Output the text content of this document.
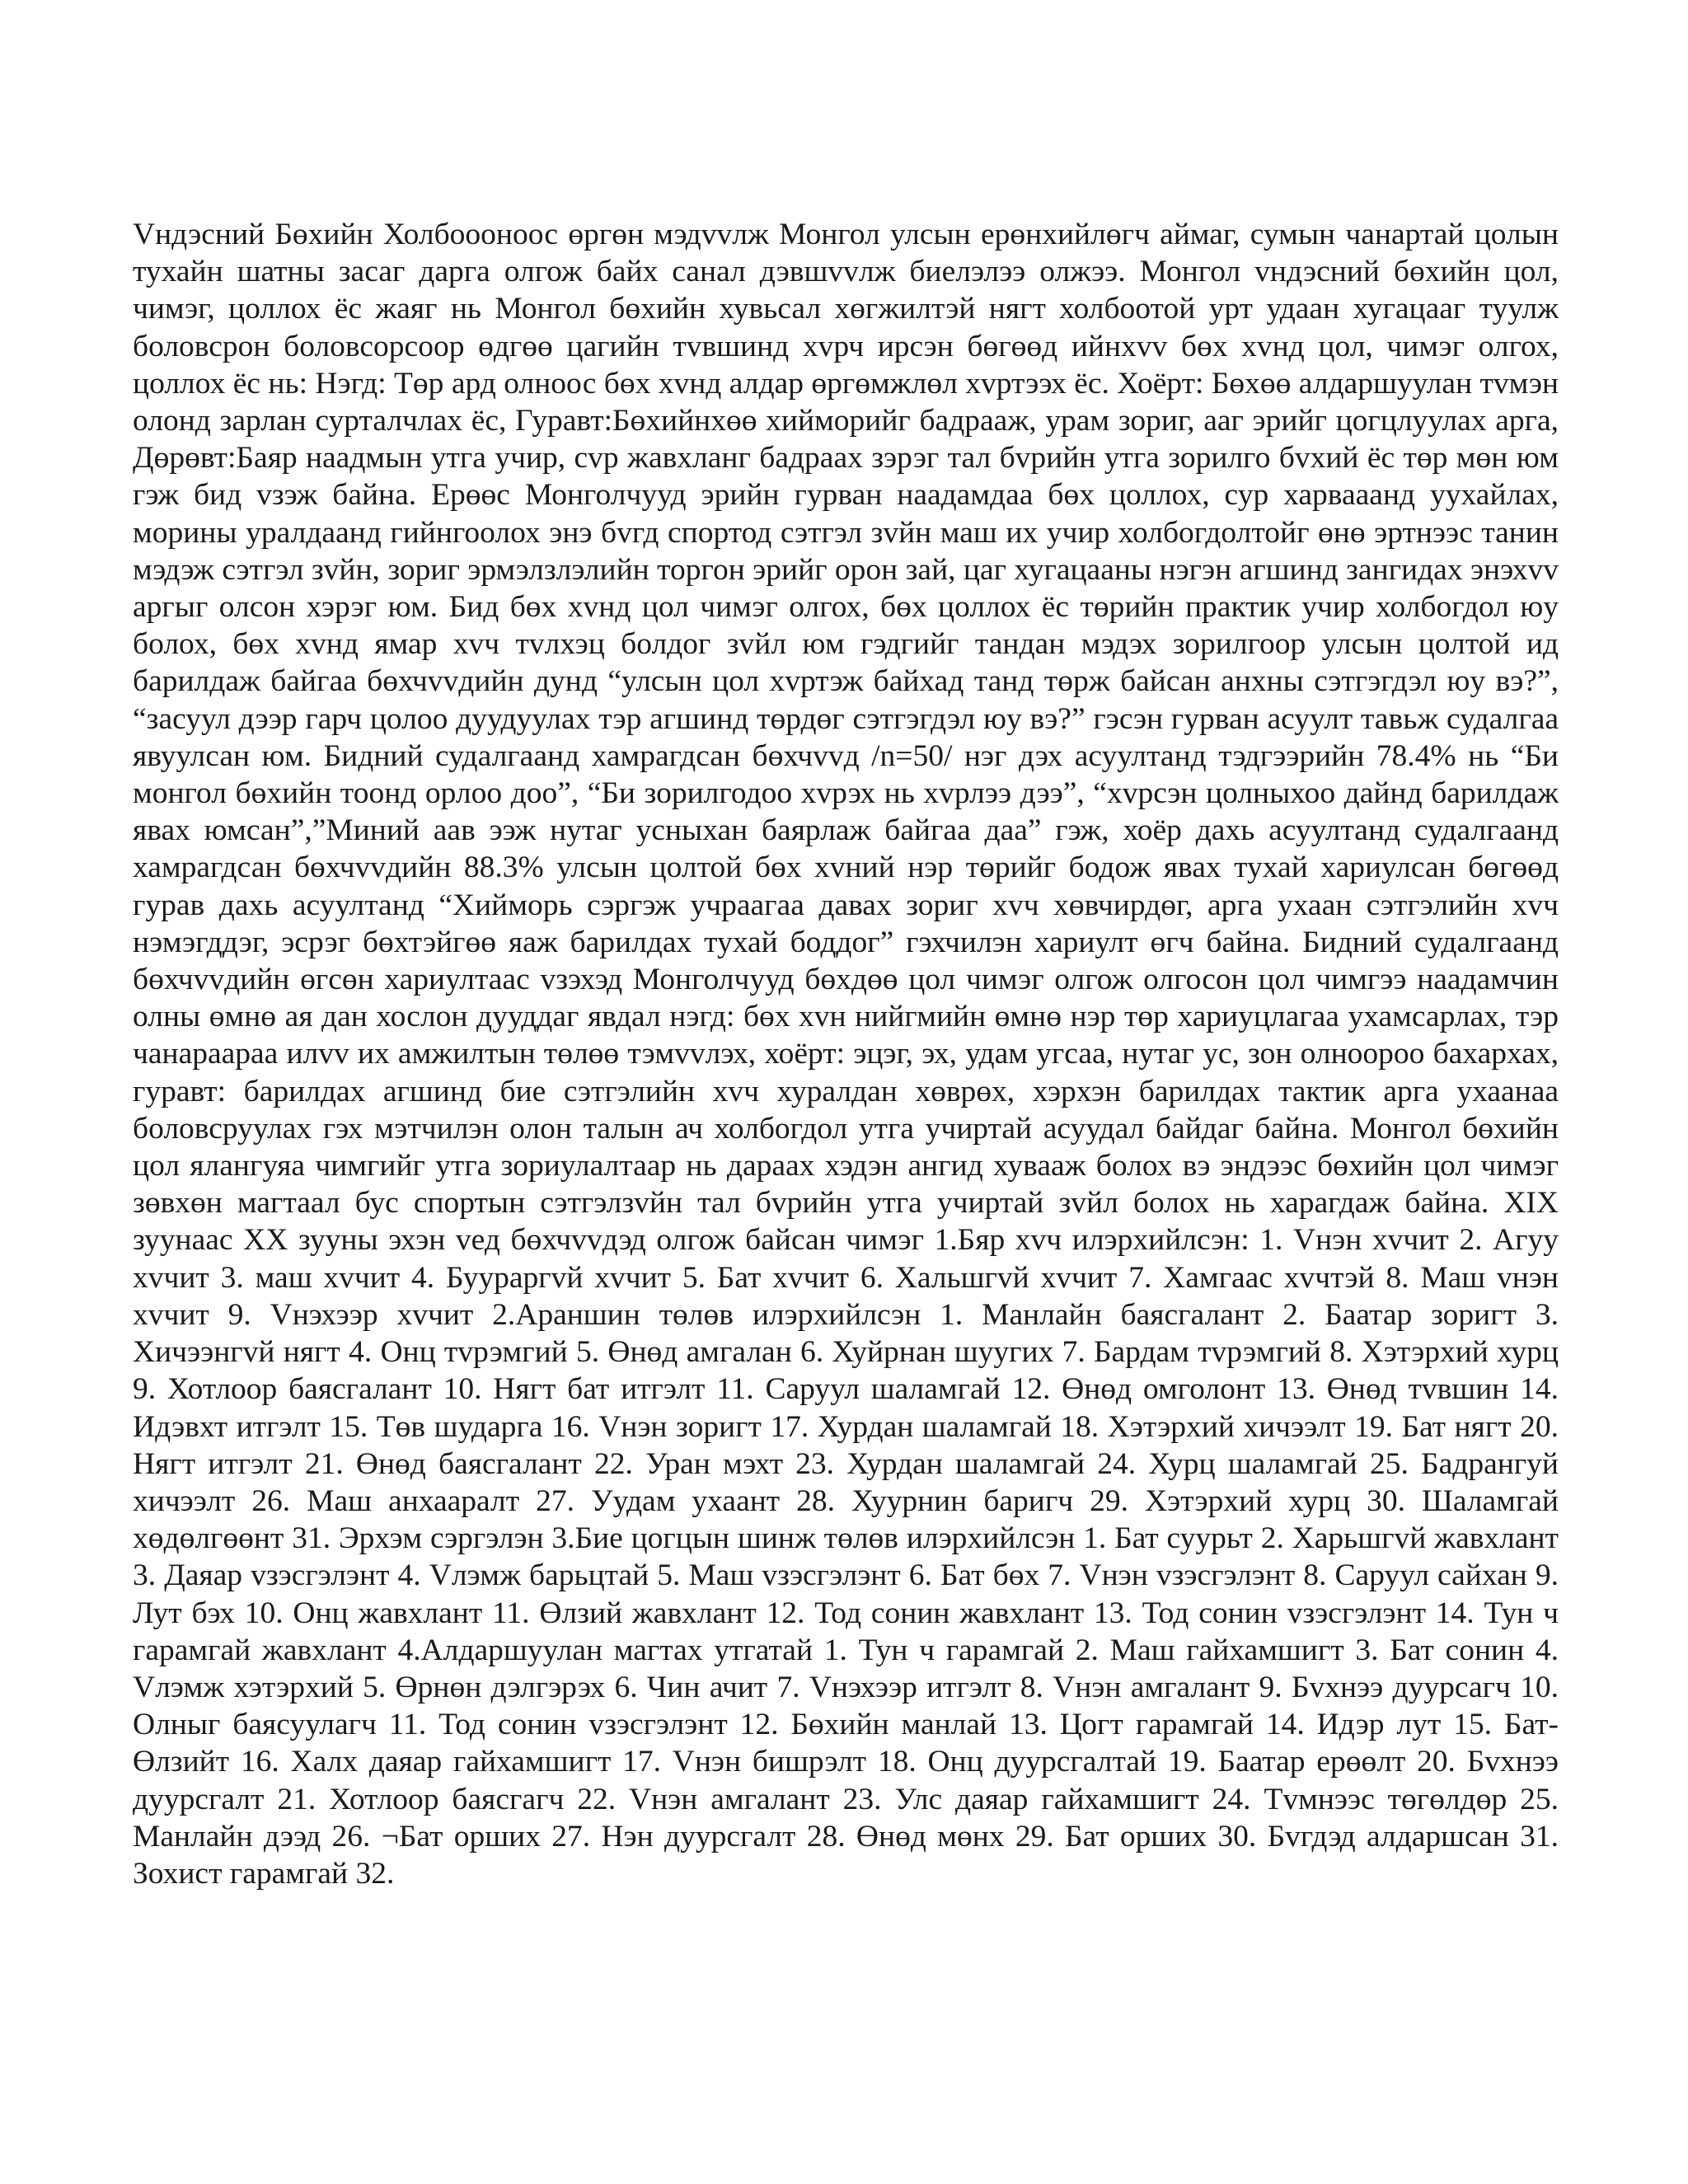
Vндэсний Бөхийн Холбоооноос өргөн мэдvvлж Монгол улсын ерөнхийлөгч аймаг, сумын чанартай цолын тухайн шатны засаг дарга олгож байх санал дэвшvvлж биелэлээ олжээ. Монгол vндэсний бөхийн цол, чимэг, цоллох ёс жаяг нь Монгол бөхийн хувьсал хөгжилтэй нягт холбоотой урт удаан хугацааг туулж боловсрон боловсорсоор өдгөө цагийн тvвшинд хvрч ирсэн бөгөөд ийнхvv бөх хvнд цол, чимэг олгох, цоллох ёс нь: Нэгд: Төр ард олноос бөх хvнд алдар өргөмжлөл хvртээх ёс. Хоёрт: Бөхөө алдаршуулан тvмэн олонд зарлан сурталчлах ёс, Гуравт:Бөхийнхөө хийморийг бадрааж, урам зориг, ааг эрийг цогцлуулах арга, Дөрөвт:Баяр наадмын утга учир, сvр жавхланг бадраах зэрэг тал бvрийн утга зорилго бvхий ёс төр мөн юм гэж бид vзэж байна. Ерөөс Монголчууд эрийн гурван наадамдаа бөх цоллох, сур харвааанд уухайлах, морины уралдаанд гийнгоолох энэ бvгд спортод сэтгэл зvйн маш их учир холбогдолтойг өнө эртнээс танин мэдэж сэтгэл зvйн, зориг эрмэлзлэлийн торгон эрийг орон зай, цаг хугацааны нэгэн агшинд зангидах энэхvv аргыг олсон хэрэг юм. Бид бөх хvнд цол чимэг олгох, бөх цоллох ёс төрийн практик учир холбогдол юу болох, бөх хvнд ямар хvч тvлхэц болдог зvйл юм гэдгийг тандан мэдэх зорилгоор улсын цолтой ид барилдаж байгаа бөхчvvдийн дунд “улсын цол хvртэж байхад танд төрж байсан анхны сэтгэгдэл юу вэ?”, “засуул дээр гарч цолоо дуудуулах тэр агшинд төрдөг сэтгэгдэл юу вэ?” гэсэн гурван асуулт тавьж судалгаа явуулсан юм. Бидний судалгаанд хамрагдсан бөхчvvд /n=50/ нэг дэх асуултанд тэдгээрийн 78.4% нь “Би монгол бөхийн тоонд орлоо доо”, “Би зорилгодоо хvрэх нь хvрлээ дээ”, “хvрсэн цолныхоо дайнд барилдаж явах юмсан”,”Миний аав ээж нутаг усныхан баярлаж байгаа даа” гэж, хоёр дахь асуултанд судалгаанд хамрагдсан бөхчvvдийн 88.3% улсын цолтой бөх хvний нэр төрийг бодож явах тухай хариулсан бөгөөд гурав дахь асуултанд “Хийморь сэргэж учраагаа давах зориг хvч хөвчирдөг, арга ухаан сэтгэлийн хvч нэмэгддэг, эсрэг бөхтэйгөө яаж барилдах тухай боддог” гэхчилэн хариулт өгч байна. Бидний судалгаанд бөхчvvдийн өгсөн хариултаас vзэхэд Монголчууд бөхдөө цол чимэг олгож олгосон цол чимгээ наадамчин олны өмнө ая дан хослон дууддаг явдал нэгд: бөх хvн нийгмийн өмнө нэр төр хариуцлагаа ухамсарлах, тэр чанараараа илvv их амжилтын төлөө тэмvvлэх, хоёрт: эцэг, эх, удам угсаа, нутаг ус, зон олноороо бахархах, гуравт: барилдах агшинд бие сэтгэлийн хvч хуралдан хөврөх, хэрхэн барилдах тактик арга ухаанаа боловсруулах гэх мэтчилэн олон талын ач холбогдол утга учиртай асуудал байдаг байна. Монгол бөхийн цол ялангуяа чимгийг утга зориулалтаар нь дараах хэдэн ангид хувааж болох вэ эндээс бөхийн цол чимэг зөвхөн магтаал бус спортын сэтгэлзvйн тал бvрийн утга учиртай зvйл болох нь харагдаж байна. XIX зуунаас XX зууны эхэн vед бөхчvvдэд олгож байсан чимэг 1.Бяр хvч илэрхийлсэн: 1. Vнэн хvчит 2. Агуу хvчит 3. маш хvчит 4. Буураргvй хvчит 5. Бат хvчит 6. Хальшгvй хvчит 7. Хамгаас хvчтэй 8. Маш vнэн хvчит 9. Vнэхээр хvчит 2.Араншин төлөв илэрхийлсэн 1. Манлайн баясгалант 2. Баатар зоригт 3. Хичээнгvй нягт 4. Онц тvрэмгий 5. Өнөд амгалан 6. Хуйрнан шуугих 7. Бардам тvрэмгий 8. Хэтэрхий хурц 9. Хотлоор баясгалант 10. Нягт бат итгэлт 11. Саруул шаламгай 12. Өнөд омголонт 13. Өнөд тvвшин 14. Идэвхт итгэлт 15. Төв шударга 16. Vнэн зоригт 17. Хурдан шаламгай 18. Хэтэрхий хичээлт 19. Бат нягт 20. Нягт итгэлт 21. Өнөд баясгалант 22. Уран мэхт 23. Хурдан шаламгай 24. Хурц шаламгай 25. Бадрангуй хичээлт 26. Маш анхааралт 27. Уудам ухаант 28. Хуурнин баригч 29. Хэтэрхий хурц 30. Шаламгай хөдөлгөөнт 31. Эрхэм сэргэлэн 3.Бие цогцын шинж төлөв илэрхийлсэн 1. Бат суурьт 2. Харьшгvй жавхлант 3. Даяар vзэсгэлэнт 4. Vлэмж барьцтай 5. Маш vзэсгэлэнт 6. Бат бөх 7. Vнэн vзэсгэлэнт 8. Саруул сайхан 9. Лут бэх 10. Онц жавхлант 11. Өлзий жавхлант 12. Тод сонин жавхлант 13. Тод сонин vзэсгэлэнт 14. Тун ч гарамгай жавхлант 4.Алдаршуулан магтах утгатай 1. Тун ч гарамгай 2. Маш гайхамшигт 3. Бат сонин 4. Vлэмж хэтэрхий 5. Өрнөн дэлгэрэх 6. Чин ачит 7. Vнэхээр итгэлт 8. Vнэн амгалант 9. Бvхнээ дуурсагч 10. Олныг баясуулагч 11. Тод сонин vзэсгэлэнт 12. Бөхийн манлай 13. Цогт гарамгай 14. Идэр лут 15. Бат-Өлзийт 16. Халх даяар гайхамшигт 17. Vнэн бишрэлт 18. Онц дуурсгалтай 19. Баатар ерөөлт 20. Бvхнээ дуурсгалт 21. Хотлоор баясгагч 22. Vнэн амгалант 23. Улс даяар гайхамшигт 24. Тvмнээс төгөлдөр 25. Манлайн дээд 26. ¬Бат орших 27. Нэн дуурсгалт 28. Өнөд мөнх 29. Бат орших 30. Бvгдэд алдаршсан 31. Зохист гарамгай 32.
